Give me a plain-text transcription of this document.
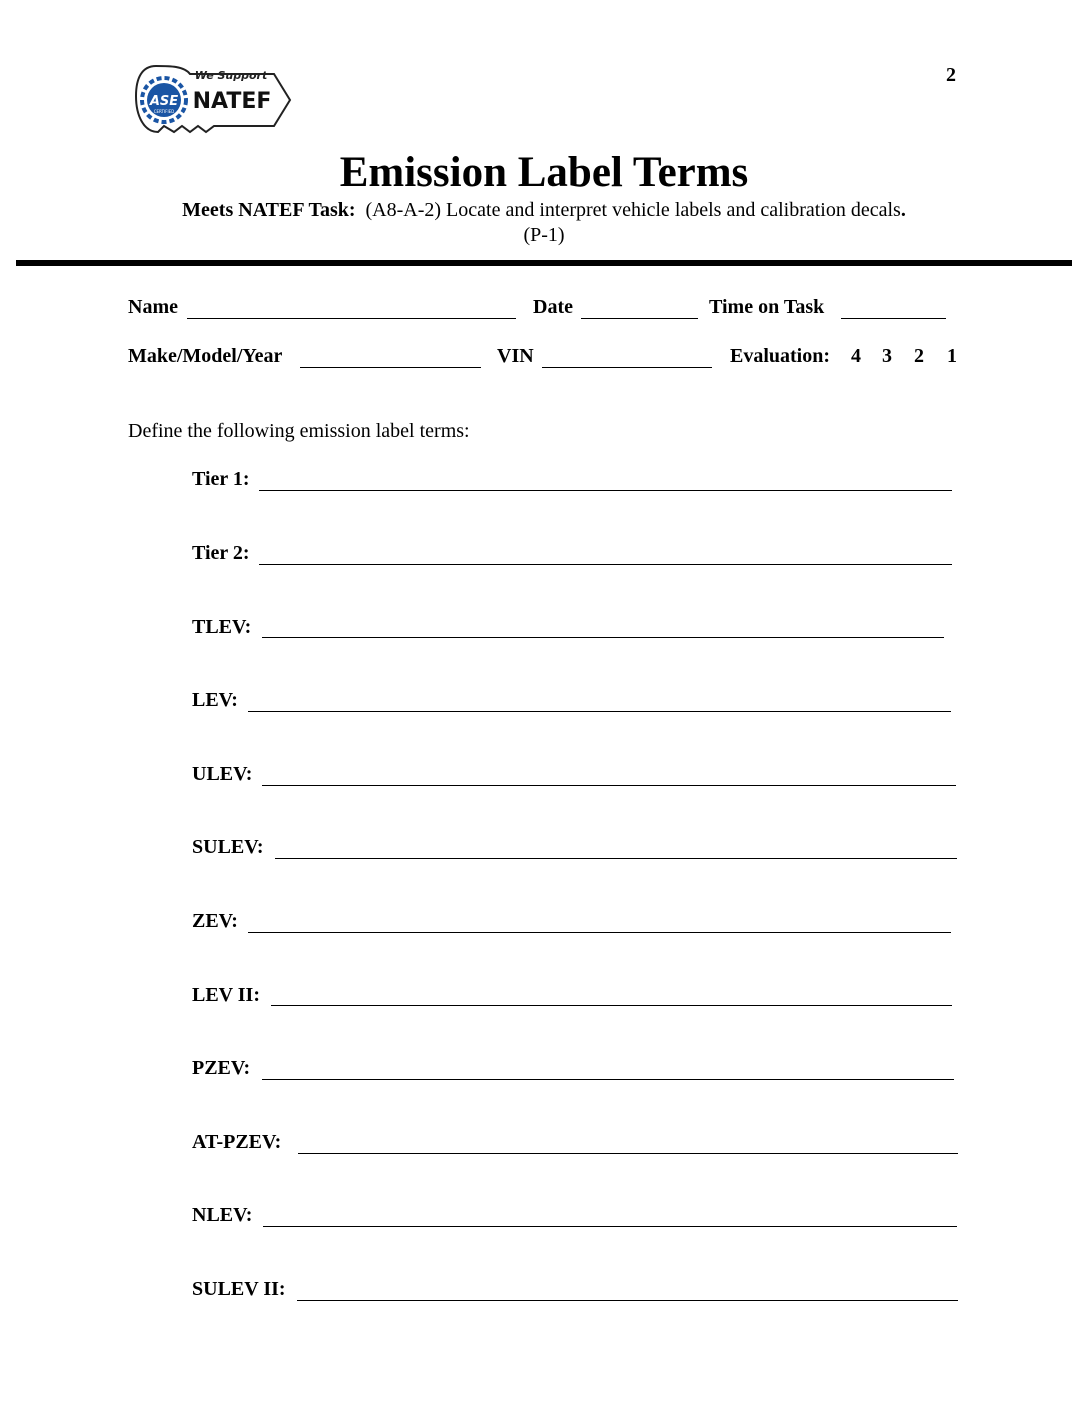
ASE
CERTIFIED
We Support
NATEF
2
Emission Label Terms
Meets NATEF Task: (A8-A-2) Locate and interpret vehicle labels and calibration decals.
(P-1)
Name	Date	Time on Task
Make/Model/Year	VIN	Evaluation: 4 3 2 1
Define the following emission label terms:
Tier 1:
Tier 2:
TLEV:
LEV:
ULEV:
SULEV:
ZEV:
LEV II:
PZEV:
AT-PZEV:
NLEV:
SULEV II:
